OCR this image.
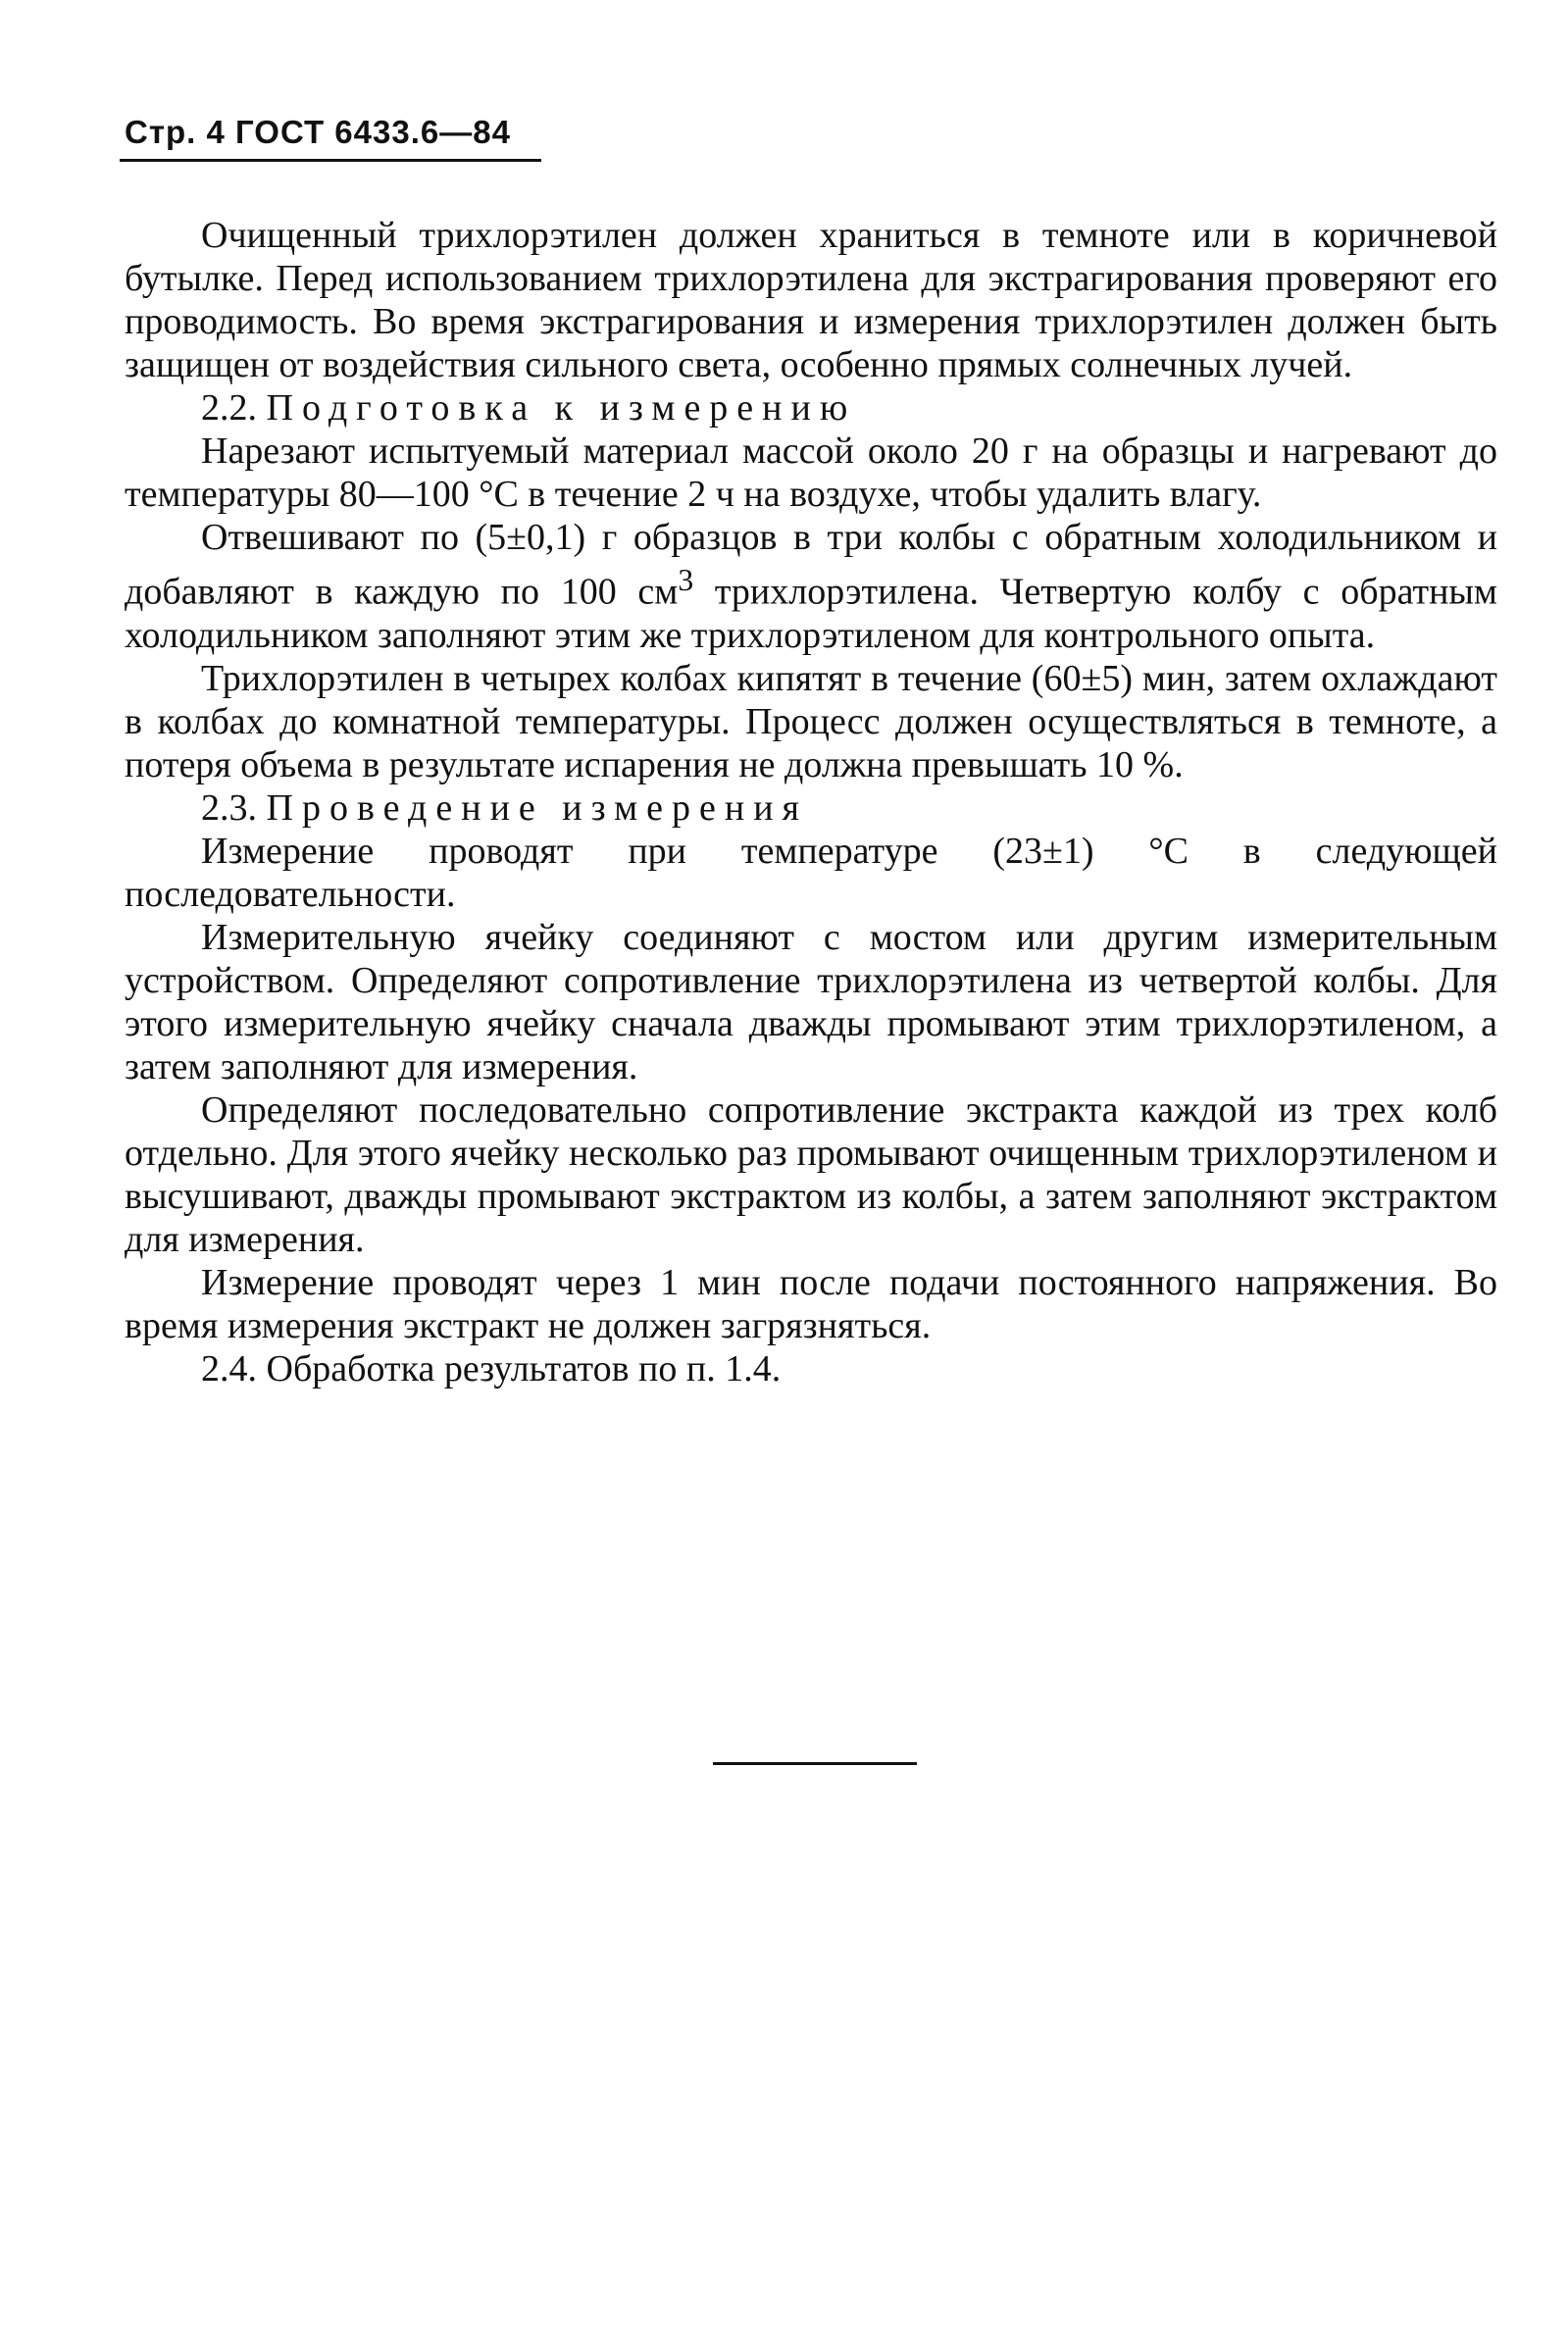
Стр. 4 ГОСТ 6433.6—84

Очищенный трихлорэтилен должен храниться в темноте или в коричневой бутылке. Перед использованием трихлорэтилена для экстрагирования проверяют его проводимость. Во время экстрагирования и измерения трихлорэтилен должен быть защищен от воздействия сильного света, особенно прямых солнечных лучей.

2.2. Подготовка к измерению

Нарезают испытуемый материал массой около 20 г на образцы и нагревают до температуры 80—100 °С в течение 2 ч на воздухе, чтобы удалить влагу.

Отвешивают по (5±0,1) г образцов в три колбы с обратным холодильником и добавляют в каждую по 100 $см^3$ трихлорэтилена. Четвертую колбу с обратным холодильником заполняют этим же трихлорэтиленом для контрольного опыта.

Трихлорэтилен в четырех колбах кипятят в течение (60±5) мин, затем охлаждают в колбах до комнатной температуры. Процесс должен осуществляться в темноте, а потеря объема в результате испарения не должна превышать 10 %.

2.3. Проведение измерения

Измерение проводят при температуре (23±1) °С в следующей последовательности.

Измерительную ячейку соединяют с мостом или другим измерительным устройством. Определяют сопротивление трихлорэтилена из четвертой колбы. Для этого измерительную ячейку сначала дважды промывают этим трихлорэтиленом, а затем заполняют для измерения.

Определяют последовательно сопротивление экстракта каждой из трех колб отдельно. Для этого ячейку несколько раз промывают очищенным трихлорэтиленом и высушивают, дважды промывают экстрактом из колбы, а затем заполняют экстрактом для измерения.

Измерение проводят через 1 мин после подачи постоянного напряжения. Во время измерения экстракт не должен загрязняться.

2.4. Обработка результатов по п. 1.4.
